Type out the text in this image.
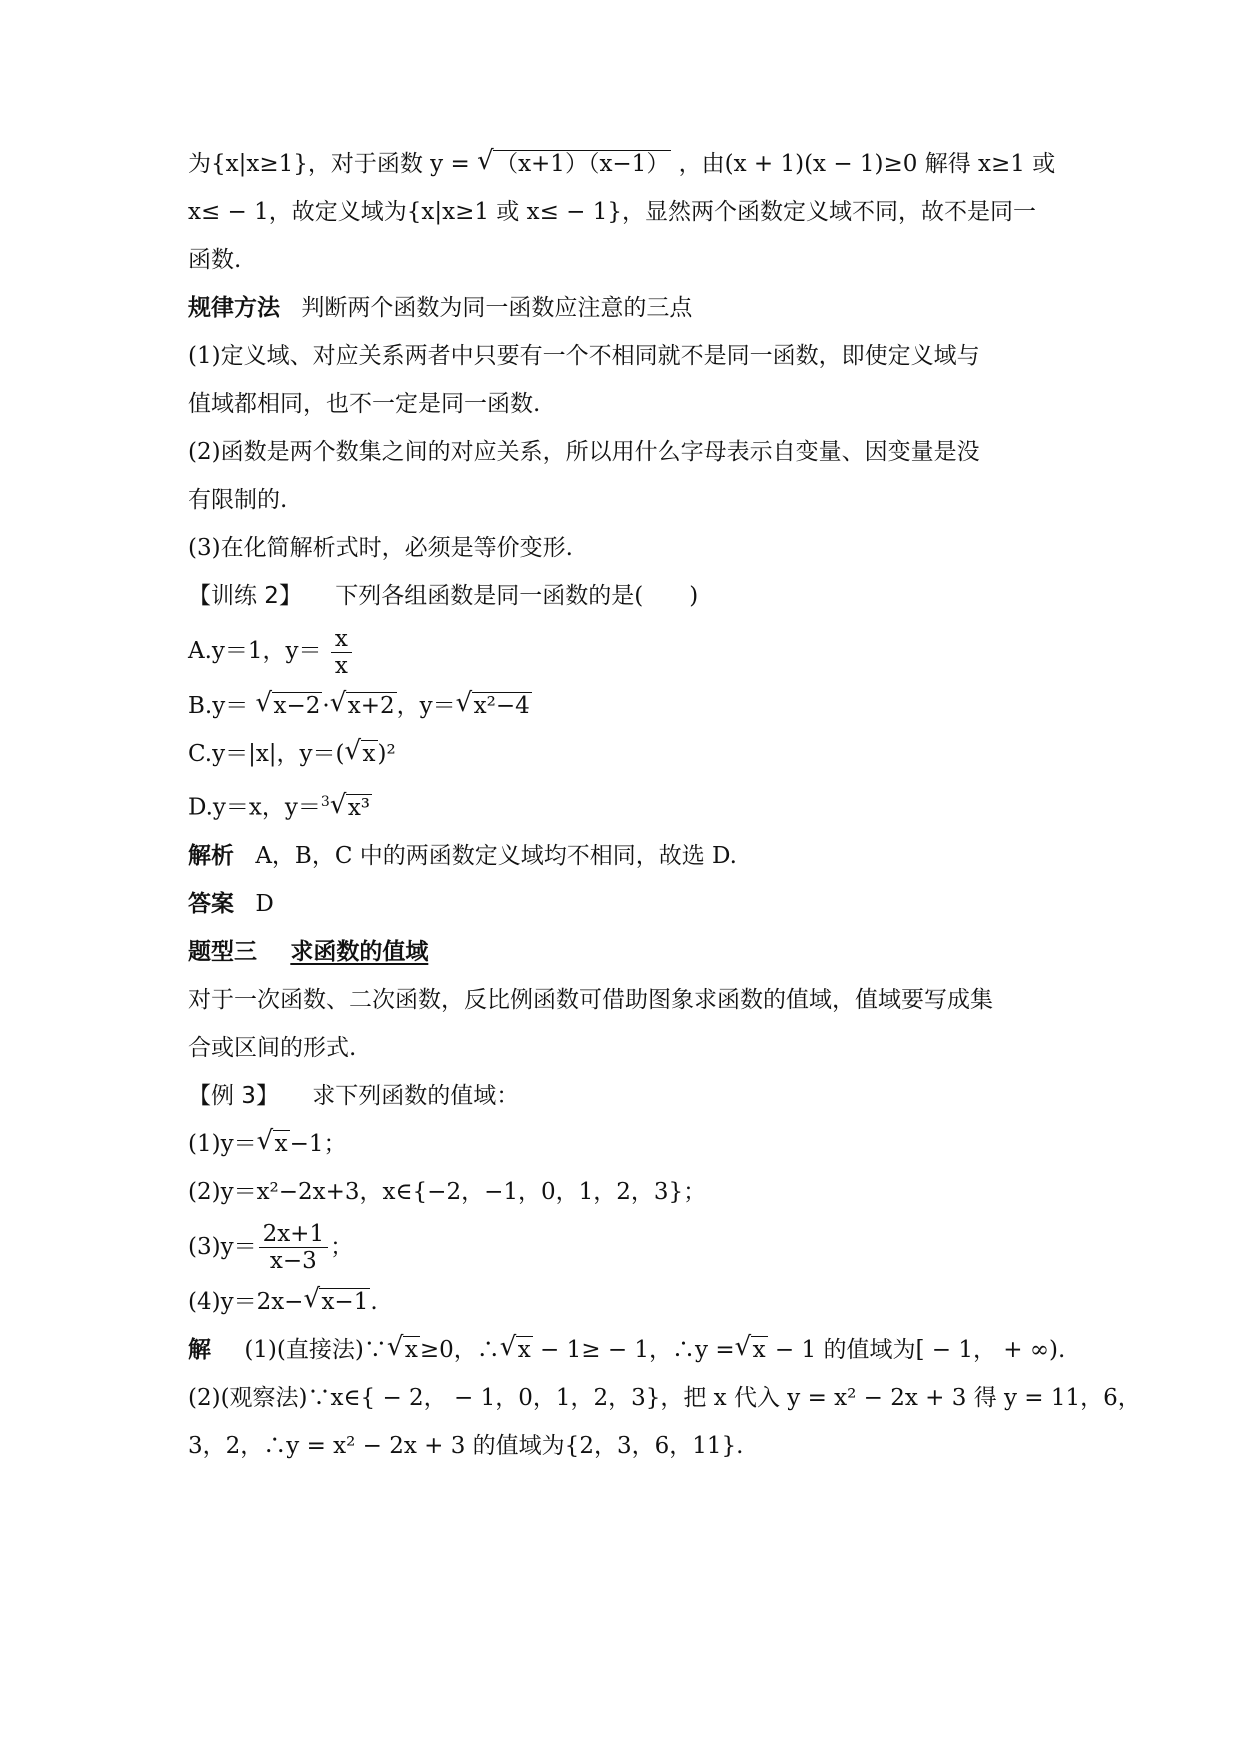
为{x|x≥1}，对于函数 y = √ （x+1）（x−1） ，由(x + 1)(x − 1)≥0 解得 x≥1 或
x≤ − 1，故定义域为{x|x≥1 或 x≤ − 1}，显然两个函数定义域不同，故不是同一
函数.
规律方法 判断两个函数为同一函数应注意的三点
(1)定义域、对应关系两者中只要有一个不相同就不是同一函数，即使定义域与
值域都相同，也不一定是同一函数.
(2)函数是两个数集之间的对应关系，所以用什么字母表示自变量、因变量是没
有限制的.
(3)在化简解析式时，必须是等价变形.
【训练 2】 下列各组函数是同一函数的是(　　)
A.y＝1，$y= \frac{x}{x}$
B.y＝ √ x−2· √ x+2，y＝ √ x²−4
C.y＝|x|，y＝( √ x)²
D.y＝x，y＝$^3$ √ x³
解析 A，B，C 中的两函数定义域均不相同，故选 D.
答案 D
题型三 求函数的值域
对于一次函数、二次函数，反比例函数可借助图象求函数的值域，值域要写成集
合或区间的形式.
【例 3】 求下列函数的值域：
(1)y＝ √ x−1；
(2)y＝x²−2x+3，x∈{−2，−1，0，1，2，3}；
$(3)y= \frac{2x+1}{x-3}$ ；
(4)y＝2x− √ x−1.
解 (1)(直接法)∵ √ x≥0，∴ √ x − 1≥ − 1，∴y = √ x − 1 的值域为[ − 1， + ∞).
(2)(观察法)∵x∈{ − 2， − 1，0，1，2，3}，把 x 代入 y = x² − 2x + 3 得 y = 11，6，
3，2，∴y = x² − 2x + 3 的值域为{2，3，6，11}.
